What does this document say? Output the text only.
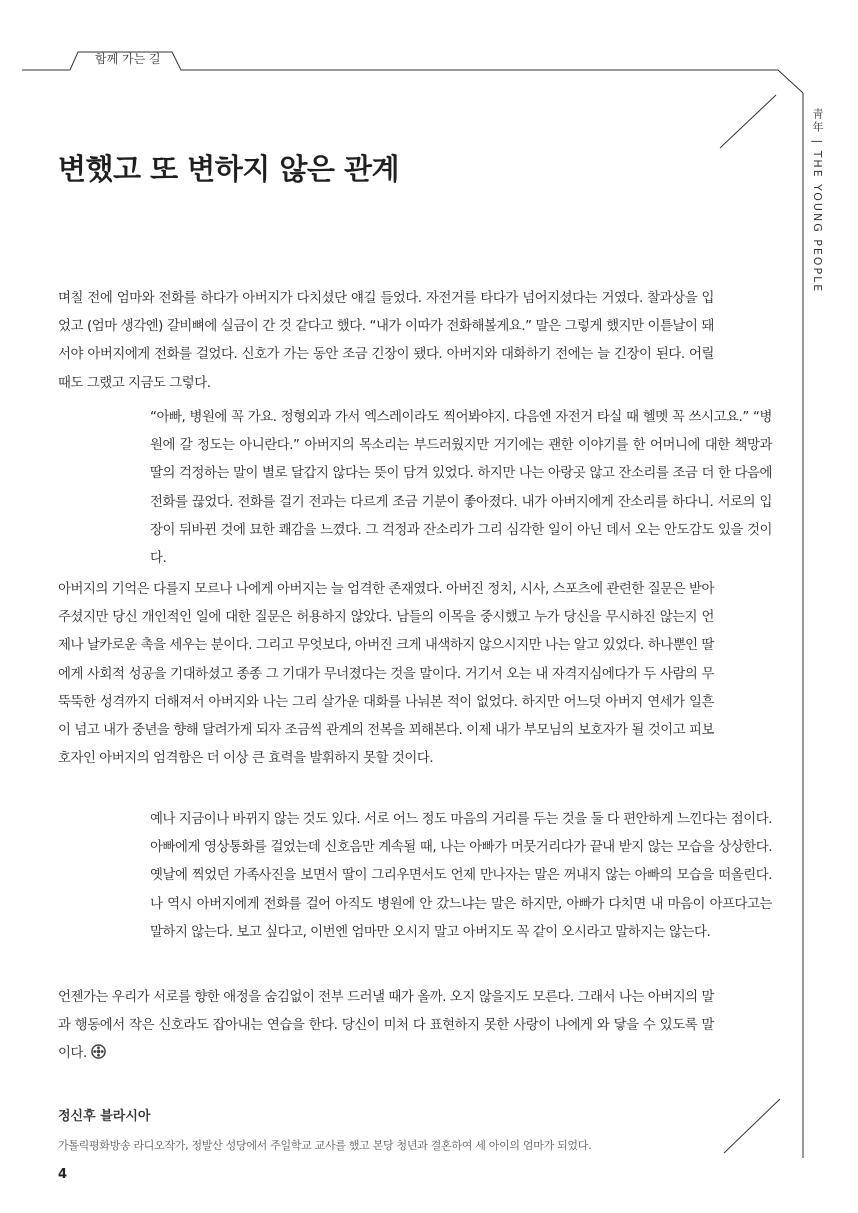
함께 가는 길
변했고 또 변하지 않은 관계	靑年 | THE YOUNG PEOPLE

며칠 전에 엄마와 전화를 하다가 아버지가 다치셨단 얘길 들었다. 자전거를 타다가 넘어지셨다는 거였다. 찰과상을 입었고 (엄마 생각엔) 갈비뼈에 실금이 간 것 같다고 했다. “내가 이따가 전화해볼게요.” 말은 그렇게 했지만 이튿날이 돼서야 아버지에게 전화를 걸었다. 신호가 가는 동안 조금 긴장이 됐다. 아버지와 대화하기 전에는 늘 긴장이 된다. 어릴 때도 그랬고 지금도 그렇다.

“아빠, 병원에 꼭 가요. 정형외과 가서 엑스레이라도 찍어봐야지. 다음엔 자전거 타실 때 헬멧 꼭 쓰시고요.” “병원에 갈 정도는 아니란다.” 아버지의 목소리는 부드러웠지만 거기에는 괜한 이야기를 한 어머니에 대한 책망과 딸의 걱정하는 말이 별로 달갑지 않다는 뜻이 담겨 있었다. 하지만 나는 아랑곳 않고 잔소리를 조금 더 한 다음에 전화를 끊었다. 전화를 걸기 전과는 다르게 조금 기분이 좋아졌다. 내가 아버지에게 잔소리를 하다니. 서로의 입장이 뒤바뀐 것에 묘한 쾌감을 느꼈다. 그 걱정과 잔소리가 그리 심각한 일이 아닌 데서 오는 안도감도 있을 것이다.

아버지의 기억은 다를지 모르나 나에게 아버지는 늘 엄격한 존재였다. 아버진 정치, 시사, 스포츠에 관련한 질문은 받아주셨지만 당신 개인적인 일에 대한 질문은 허용하지 않았다. 남들의 이목을 중시했고 누가 당신을 무시하진 않는지 언제나 날카로운 촉을 세우는 분이다. 그리고 무엇보다, 아버진 크게 내색하지 않으시지만 나는 알고 있었다. 하나뿐인 딸에게 사회적 성공을 기대하셨고 종종 그 기대가 무너졌다는 것을 말이다. 거기서 오는 내 자격지심에다가 두 사람의 무뚝뚝한 성격까지 더해져서 아버지와 나는 그리 살가운 대화를 나눠본 적이 없었다. 하지만 어느덧 아버지 연세가 일흔이 넘고 내가 중년을 향해 달려가게 되자 조금씩 관계의 전복을 꾀해본다. 이제 내가 부모님의 보호자가 될 것이고 피보호자인 아버지의 엄격함은 더 이상 큰 효력을 발휘하지 못할 것이다.

예나 지금이나 바뀌지 않는 것도 있다. 서로 어느 정도 마음의 거리를 두는 것을 둘 다 편안하게 느낀다는 점이다. 아빠에게 영상통화를 걸었는데 신호음만 계속될 때, 나는 아빠가 머뭇거리다가 끝내 받지 않는 모습을 상상한다. 옛날에 찍었던 가족사진을 보면서 딸이 그리우면서도 언제 만나자는 말은 꺼내지 않는 아빠의 모습을 떠올린다. 나 역시 아버지에게 전화를 걸어 아직도 병원에 안 갔느냐는 말은 하지만, 아빠가 다치면 내 마음이 아프다고는 말하지 않는다. 보고 싶다고, 이번엔 엄마만 오시지 말고 아버지도 꼭 같이 오시라고 말하지는 않는다.

언젠가는 우리가 서로를 향한 애정을 숨김없이 전부 드러낼 때가 올까. 오지 않을지도 모른다. 그래서 나는 아버지의 말과 행동에서 작은 신호라도 잡아내는 연습을 한다. 당신이 미처 다 표현하지 못한 사랑이 나에게 와 닿을 수 있도록 말이다.

정신후 블라시아
가톨릭평화방송 라디오작가, 정발산 성당에서 주일학교 교사를 했고 본당 청년과 결혼하여 세 아이의 엄마가 되었다.
4
